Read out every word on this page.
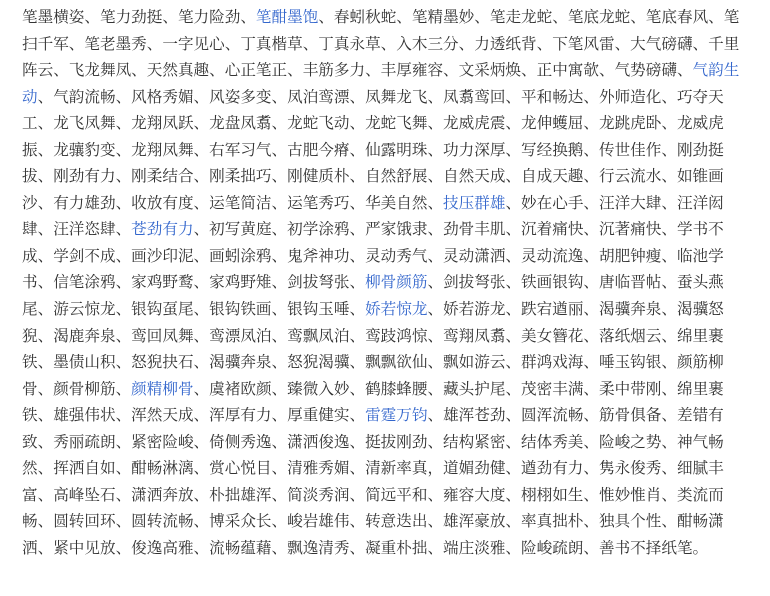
笔墨横姿、笔力劲挺、笔力险劲、笔酣墨饱、春蚓秋蛇、笔精墨妙、笔走龙蛇、笔底龙蛇、笔底春风、笔扫千军、笔老墨秀、一字见心、丁真楷草、丁真永草、入木三分、力透纸背、下笔风雷、大气磅礴、千里阵云、飞龙舞凤、天然真趣、心正笔正、丰筋多力、丰厚雍容、文采炳焕、正中寓欹、气势磅礴、气韵生动、气韵流畅、风格秀媚、风姿多变、凤泊鸾漂、凤舞龙飞、凤翥鸾回、平和畅达、外师造化、巧夺天工、龙飞凤舞、龙翔凤跃、龙盘凤翥、龙蛇飞动、龙蛇飞舞、龙威虎震、龙伸蠖屈、龙跳虎卧、龙威虎振、龙骧豹变、龙翔凤舞、右军习气、古肥今瘠、仙露明珠、功力深厚、写经换鹅、传世佳作、刚劲挺拔、刚劲有力、刚柔结合、刚柔拙巧、刚健质朴、自然舒展、自然天成、自成天趣、行云流水、如锥画沙、有力雄劲、收放有度、运笔简洁、运笔秀巧、华美自然、技压群雄、妙在心手、汪洋大肆、汪洋闳肆、汪洋恣肆、苍劲有力、初写黄庭、初学涂鸦、严家饿隶、劲骨丰肌、沉着痛快、沉著痛快、学书不成、学剑不成、画沙印泥、画蚓涂鸦、鬼斧神功、灵动秀气、灵动潇洒、灵动流逸、胡肥钟瘦、临池学书、信笔涂鸦、家鸡野鹜、家鸡野雉、剑拔弩张、柳骨颜筋、剑拔弩张、铁画银钩、唐临晋帖、蚕头燕尾、游云惊龙、银钩虿尾、银钩铁画、银钩玉唾、娇若惊龙、娇若游龙、跌宕遒丽、渴骥奔泉、渴骥怒猊、渴鹿奔泉、鸾回凤舞、鸾漂凤泊、鸾飘凤泊、鸾跂鸿惊、鸾翔凤翥、美女簪花、落纸烟云、绵里裹铁、墨债山积、怒猊抉石、渴骥奔泉、怒猊渴骥、飘飘欲仙、飘如游云、群鸿戏海、唾玉钩银、颜筋柳骨、颜骨柳筋、颜精柳骨、虞褚欧颜、臻微入妙、鹤膝蜂腰、藏头护尾、茂密丰满、柔中带刚、绵里裹铁、雄强伟状、浑然天成、浑厚有力、厚重健实、雷霆万钧、雄浑苍劲、圆浑流畅、筋骨俱备、差错有致、秀丽疏朗、紧密险峻、倚侧秀逸、潇洒俊逸、挺拔刚劲、结构紧密、结体秀美、险峻之势、神气畅然、挥洒自如、酣畅淋漓、赏心悦目、清雅秀媚、清新率真，道媚劲健、遒劲有力、隽永俊秀、细腻丰富、高峰坠石、潇洒奔放、朴拙雄浑、简淡秀润、简远平和、雍容大度、栩栩如生、惟妙惟肖、类流而畅、圆转回环、圆转流畅、博采众长、峻岩雄伟、转意迭出、雄浑豪放、率真拙朴、独具个性、酣畅潇洒、紧中见放、俊逸高雅、流畅蕴藉、飘逸清秀、凝重朴拙、端庄淡雅、险峻疏朗、善书不择纸笔。
